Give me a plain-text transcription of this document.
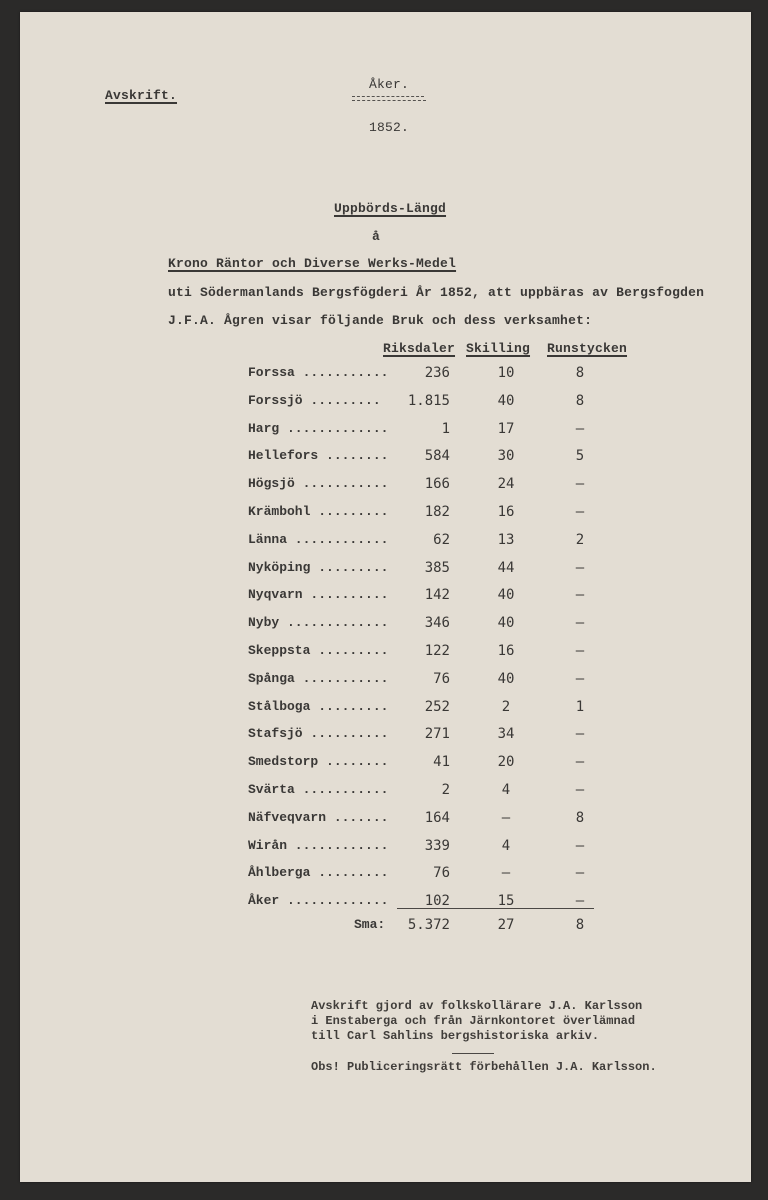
Avskrift.
Åker.
1852.
Uppbörds-Längd
å
Krono Räntor och Diverse Werks-Medel
uti Södermanlands Bergsfögderi År 1852, att uppbäras av Bergsfogden
J.F.A. Ågren visar följande Bruk och dess verksamhet:
Riksdaler Skilling Runstycken
Forssa ...........	236	10	8
Forssjö ......... 1.815	40	8
Harg .............	1	17	–
Hellefors ........	584	30	5
Högsjö ...........	166	24	–
Krämbohl .........	182	16	–
Länna ............	62	13	2
Nyköping .........	385	44	–
Nyqvarn ..........	142	40	–
Nyby .............	346	40	–
Skeppsta .........	122	16	–
Spånga ...........	76	40	–
Stålboga .........	252	2	1
Stafsjö ..........	271	34	–
Smedstorp ........	41	20	–
Svärta ...........	2	4	–
Näfveqvarn .......	164	–	8
Wirån ............	339	4	–
Åhlberga .........	76	–	–
Åker .............	102	15	–
Sma: 5.372	27	8
Avskrift gjord av folkskollärare J.A. Karlsson
i Enstaberga och från Järnkontoret överlämnad
till Carl Sahlins bergshistoriska arkiv.
Obs! Publiceringsrätt förbehållen J.A. Karlsson.
